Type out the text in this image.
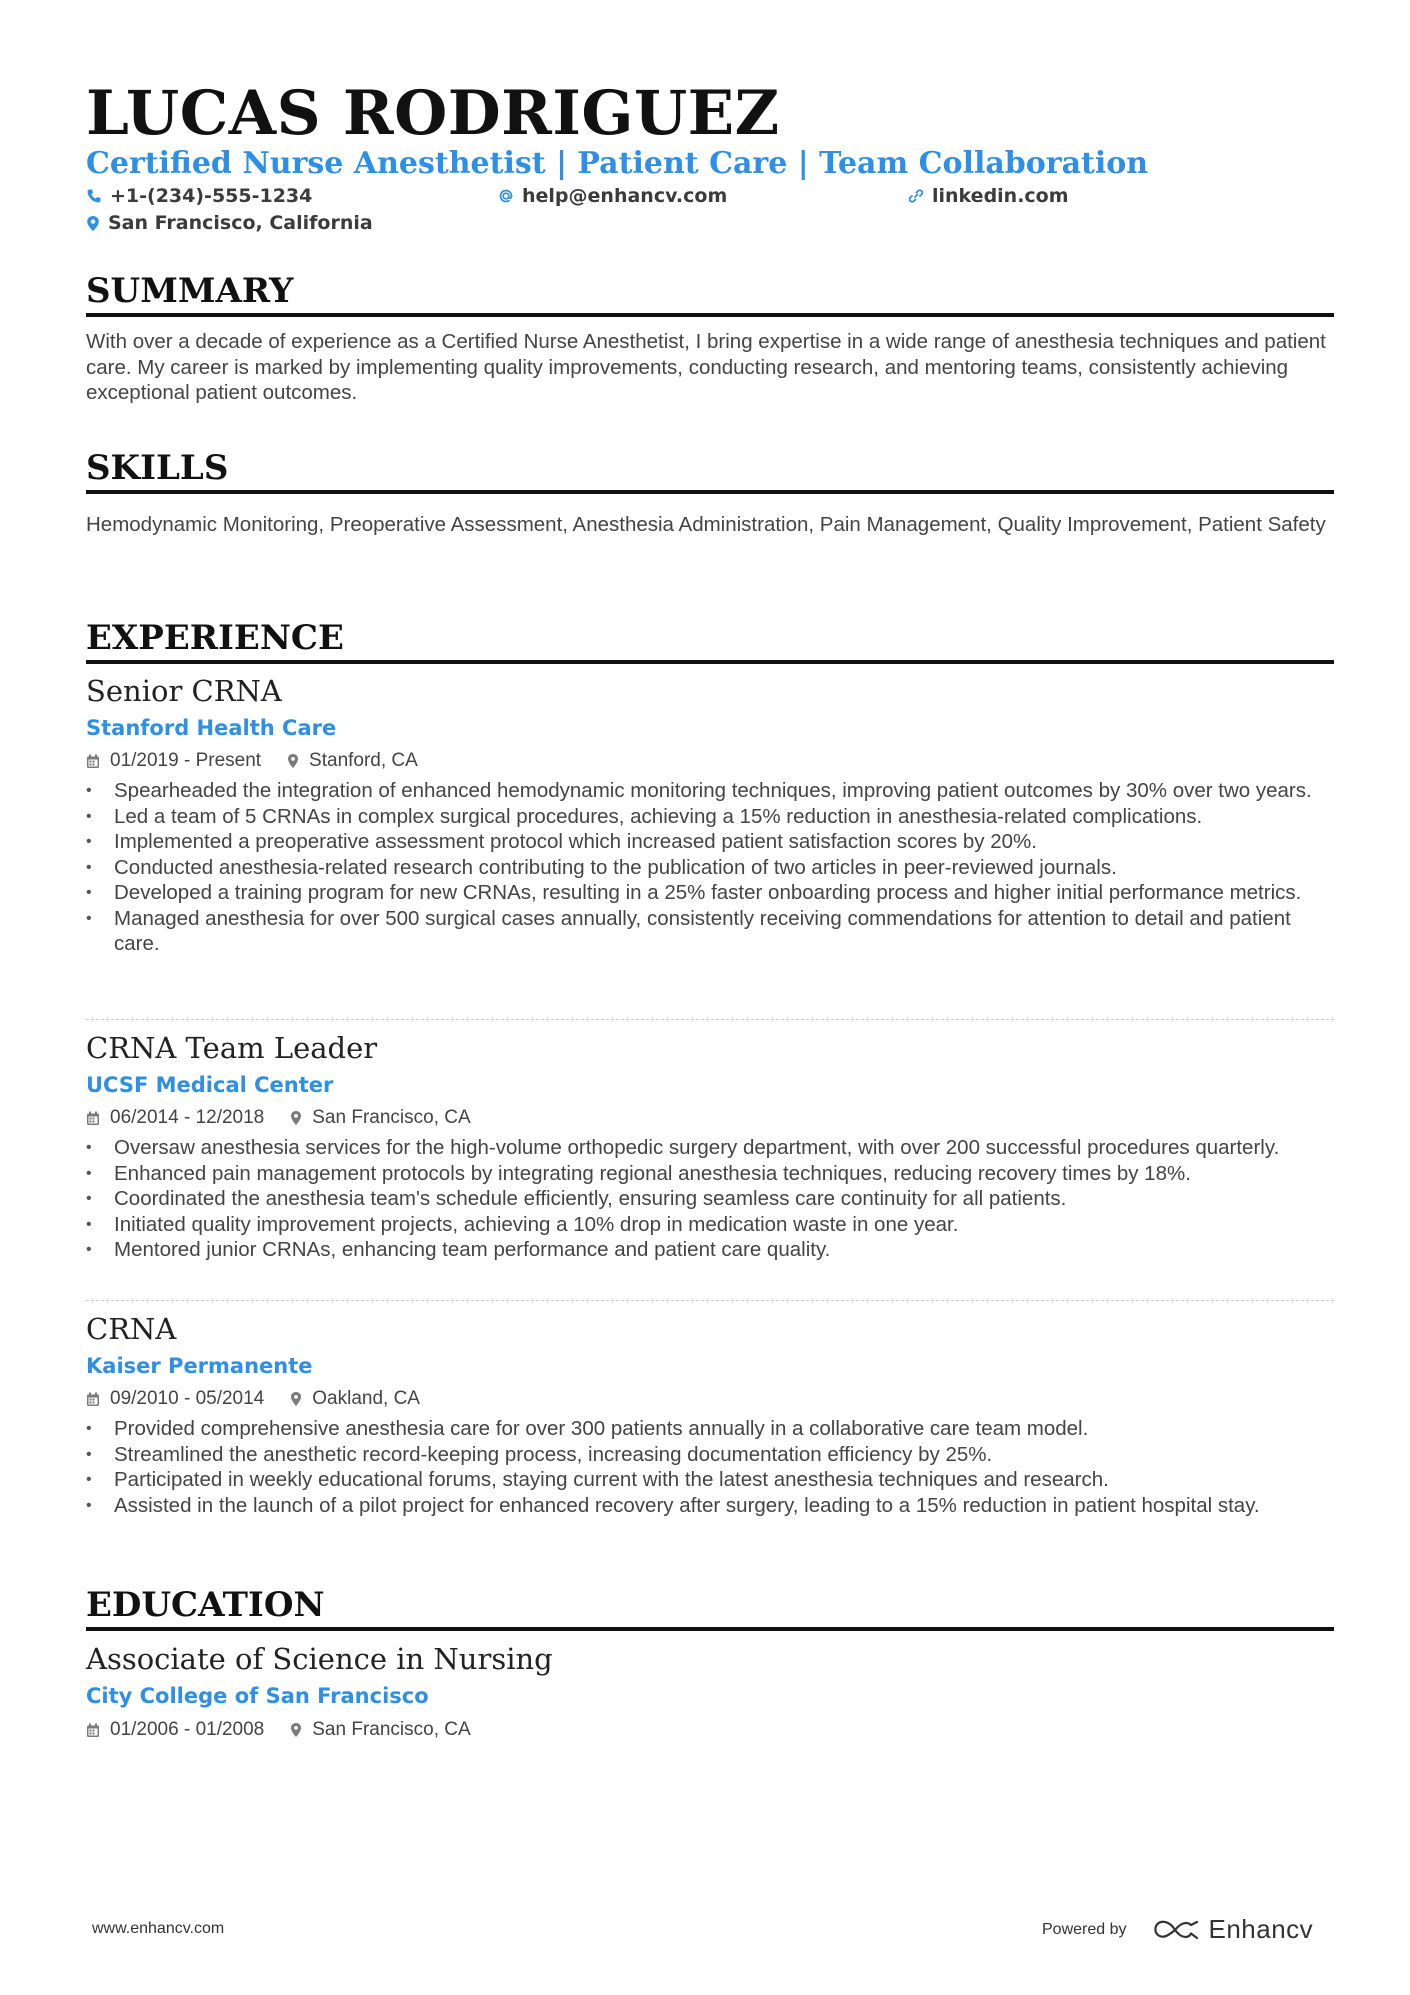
LUCAS RODRIGUEZ
Certified Nurse Anesthetist | Patient Care | Team Collaboration
+1-(234)-555-1234	help@enhancv.com	linkedin.com
San Francisco, California
SUMMARY
With over a decade of experience as a Certified Nurse Anesthetist, I bring expertise in a wide range of anesthesia techniques and patient care. My career is marked by implementing quality improvements, conducting research, and mentoring teams, consistently achieving exceptional patient outcomes.
SKILLS
Hemodynamic Monitoring, Preoperative Assessment, Anesthesia Administration, Pain Management, Quality Improvement, Patient Safety
EXPERIENCE
Senior CRNA
Stanford Health Care
01/2019 - Present	Stanford, CA
• Spearheaded the integration of enhanced hemodynamic monitoring techniques, improving patient outcomes by 30% over two years.
• Led a team of 5 CRNAs in complex surgical procedures, achieving a 15% reduction in anesthesia-related complications.
• Implemented a preoperative assessment protocol which increased patient satisfaction scores by 20%.
• Conducted anesthesia-related research contributing to the publication of two articles in peer-reviewed journals.
• Developed a training program for new CRNAs, resulting in a 25% faster onboarding process and higher initial performance metrics.
• Managed anesthesia for over 500 surgical cases annually, consistently receiving commendations for attention to detail and patient care.
CRNA Team Leader
UCSF Medical Center
06/2014 - 12/2018	San Francisco, CA
• Oversaw anesthesia services for the high-volume orthopedic surgery department, with over 200 successful procedures quarterly.
• Enhanced pain management protocols by integrating regional anesthesia techniques, reducing recovery times by 18%.
• Coordinated the anesthesia team's schedule efficiently, ensuring seamless care continuity for all patients.
• Initiated quality improvement projects, achieving a 10% drop in medication waste in one year.
• Mentored junior CRNAs, enhancing team performance and patient care quality.
CRNA
Kaiser Permanente
09/2010 - 05/2014	Oakland, CA
• Provided comprehensive anesthesia care for over 300 patients annually in a collaborative care team model.
• Streamlined the anesthetic record-keeping process, increasing documentation efficiency by 25%.
• Participated in weekly educational forums, staying current with the latest anesthesia techniques and research.
• Assisted in the launch of a pilot project for enhanced recovery after surgery, leading to a 15% reduction in patient hospital stay.
EDUCATION
Associate of Science in Nursing
City College of San Francisco
01/2006 - 01/2008	San Francisco, CA
www.enhancv.com	Powered by	Enhancv
